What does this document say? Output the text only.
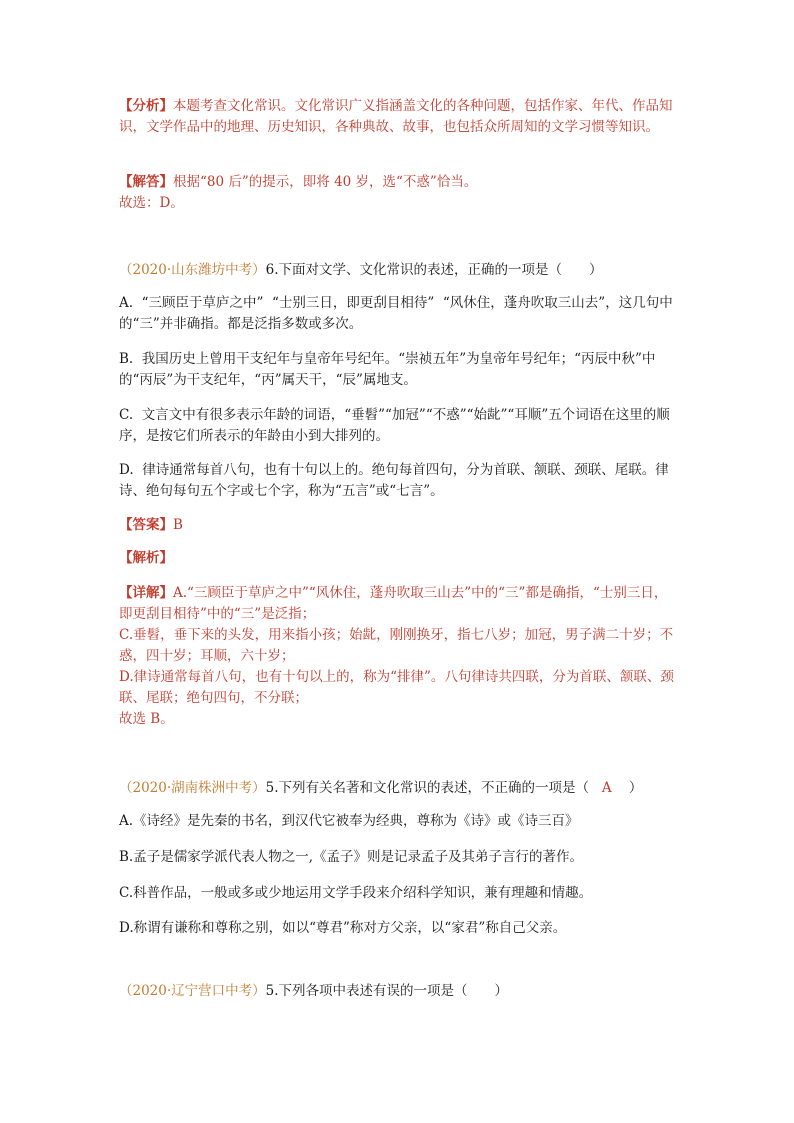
【分析】本题考查文化常识。文化常识广义指涵盖文化的各种问题，包括作家、年代、作品知识，文学作品中的地理、历史知识，各种典故、故事，也包括众所周知的文学习惯等知识。

【解答】根据“80 后”的提示，即将 40 岁，选“不惑”恰当。

故选：D。

（2020·山东潍坊中考）6.下面对文学、文化常识的表述，正确的一项是（　　）

A.  “三顾臣于草庐之中”  “士别三日，即更刮目相待”  “风休住，蓬舟吹取三山去”，这几句中的“三”并非确指。都是泛指多数或多次。

B.  我国历史上曾用干支纪年与皇帝年号纪年。“崇祯五年”为皇帝年号纪年；“丙辰中秋”中的“丙辰”为干支纪年，“丙”属天干，“辰”属地支。

C.  文言文中有很多表示年龄的词语，“垂髫”“加冠”“不惑”“始龀”“耳顺”五个词语在这里的顺序，是按它们所表示的年龄由小到大排列的。

D.  律诗通常每首八句，也有十句以上的。绝句每首四句，分为首联、颔联、颈联、尾联。律诗、绝句每句五个字或七个字，称为“五言”或“七言”。

【答案】B

【解析】

【详解】A.“三顾臣于草庐之中”“风休住，蓬舟吹取三山去”中的“三”都是确指，“士别三日，即更刮目相待”中的“三”是泛指；

C.垂髫，垂下来的头发，用来指小孩；始龀，刚刚换牙，指七八岁；加冠，男子满二十岁；不惑，四十岁；耳顺，六十岁；

D.律诗通常每首八句，也有十句以上的，称为“排律”。八句律诗共四联，分为首联、颔联、颈联、尾联；绝句四句，不分联；

故选 B。

（2020·湖南株洲中考）5.下列有关名著和文化常识的表述，不正确的一项是（ A ）

A.《诗经》是先秦的书名，到汉代它被奉为经典，尊称为《诗》或《诗三百》

B.孟子是儒家学派代表人物之一,《孟子》则是记录孟子及其弟子言行的著作。

C.科普作品，一般或多或少地运用文学手段来介绍科学知识，兼有理趣和情趣。

D.称谓有谦称和尊称之别，如以“尊君”称对方父亲，以“家君”称自己父亲。

（2020·辽宁营口中考）5.下列各项中表述有误的一项是（　　）
